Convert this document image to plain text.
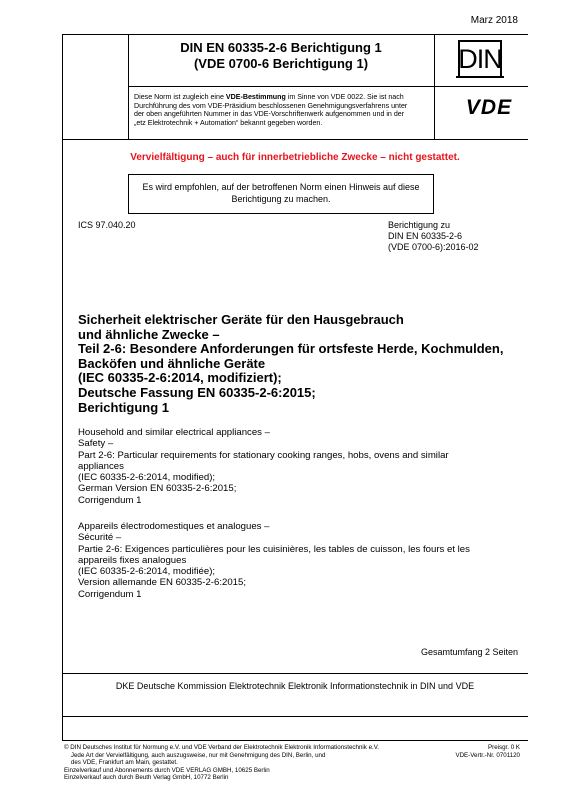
Marz 2018
DIN EN 60335-2-6 Berichtigung 1
(VDE 0700-6 Berichtigung 1)	DIN
Diese Norm ist zugleich eine VDE-Bestimmung im Sinne von VDE 0022. Sie ist nach
Durchführung des vom VDE-Präsidium beschlossenen Genehmigungsverfahrens unter
der oben angeführten Nummer in das VDE-Vorschriftenwerk aufgenommen und in der
„etz Elektrotechnik + Automation“ bekannt gegeben worden.
VDE
Vervielfältigung – auch für innerbetriebliche Zwecke – nicht gestattet.
Es wird empfohlen, auf der betroffenen Norm einen Hinweis auf diese
Berichtigung zu machen.
ICS 97.040.20	Berichtigung zu
DIN EN 60335-2-6
(VDE 0700-6):2016-02
Sicherheit elektrischer Geräte für den Hausgebrauch
und ähnliche Zwecke –
Teil 2-6: Besondere Anforderungen für ortsfeste Herde, Kochmulden,
Backöfen und ähnliche Geräte
(IEC 60335-2-6:2014, modifiziert);
Deutsche Fassung EN 60335-2-6:2015;
Berichtigung 1
Household and similar electrical appliances –
Safety –
Part 2-6: Particular requirements for stationary cooking ranges, hobs, ovens and similar
appliances
(IEC 60335-2-6:2014, modified);
German Version EN 60335-2-6:2015;
Corrigendum 1
Appareils électrodomestiques et analogues –
Sécurité –
Partie 2-6: Exigences particulières pour les cuisinières, les tables de cuisson, les fours et les
appareils fixes analogues
(IEC 60335-2-6:2014, modifiée);
Version allemande EN 60335-2-6:2015;
Corrigendum 1
Gesamtumfang 2 Seiten
DKE Deutsche Kommission Elektrotechnik Elektronik Informationstechnik in DIN und VDE
© DIN Deutsches Institut für Normung e.V. und VDE Verband der Elektrotechnik Elektronik Informationstechnik e.V.
Jede Art der Vervielfältigung, auch auszugsweise, nur mit Genehmigung des DIN, Berlin, und
des VDE, Frankfurt am Main, gestattet.
Einzelverkauf und Abonnements durch VDE VERLAG GMBH, 10625 Berlin
Einzelverkauf auch durch Beuth Verlag GmbH, 10772 Berlin
Preisgr. 0 K
VDE-Vertr.-Nr. 0701120
